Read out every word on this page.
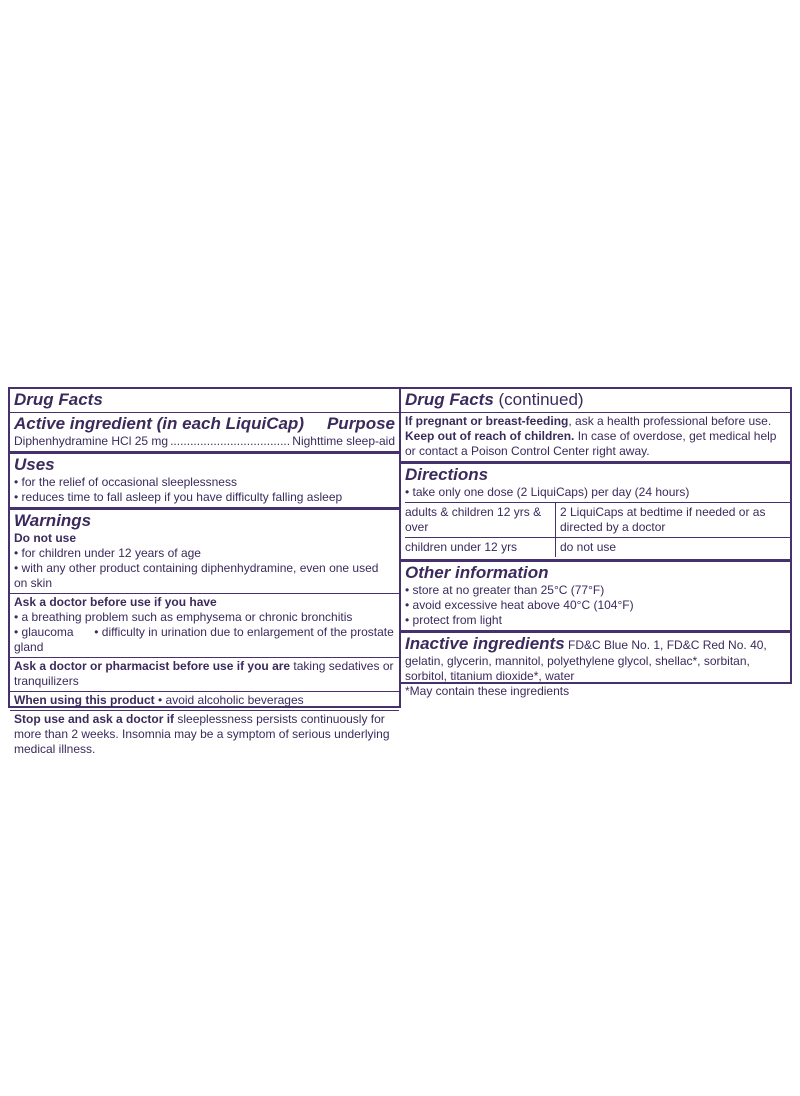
Drug Facts
Active ingredient (in each LiquiCap) Purpose
Diphenhydramine HCl 25 mg .....	Nighttime sleep-aid
Uses
• for the relief of occasional sleeplessness
• reduces time to fall asleep if you have difficulty falling asleep
Warnings
Do not use
• for children under 12 years of age
• with any other product containing diphenhydramine, even one used on skin
Ask a doctor before use if you have
• a breathing problem such as emphysema or chronic bronchitis
• glaucoma • difficulty in urination due to enlargement of the prostate gland
Ask a doctor or pharmacist before use if you are taking sedatives or tranquilizers
When using this product • avoid alcoholic beverages
Stop use and ask a doctor if sleeplessness persists continuously for more than 2 weeks. Insomnia may be a symptom of serious underlying medical illness.
Drug Facts (continued)
If pregnant or breast-feeding, ask a health professional before use. Keep out of reach of children. In case of overdose, get medical help or contact a Poison Control Center right away.
Directions
• take only one dose (2 LiquiCaps) per day (24 hours)
adults & children 12 yrs & over	2 LiquiCaps at bedtime if needed or as directed by a doctor
children under 12 yrs	do not use
Other information
• store at no greater than 25°C (77°F)
• avoid excessive heat above 40°C (104°F)
• protect from light
Inactive ingredients FD&C Blue No. 1, FD&C Red No. 40, gelatin, glycerin, mannitol, polyethylene glycol, shellac*, sorbitan, sorbitol, titanium dioxide*, water
*May contain these ingredients
